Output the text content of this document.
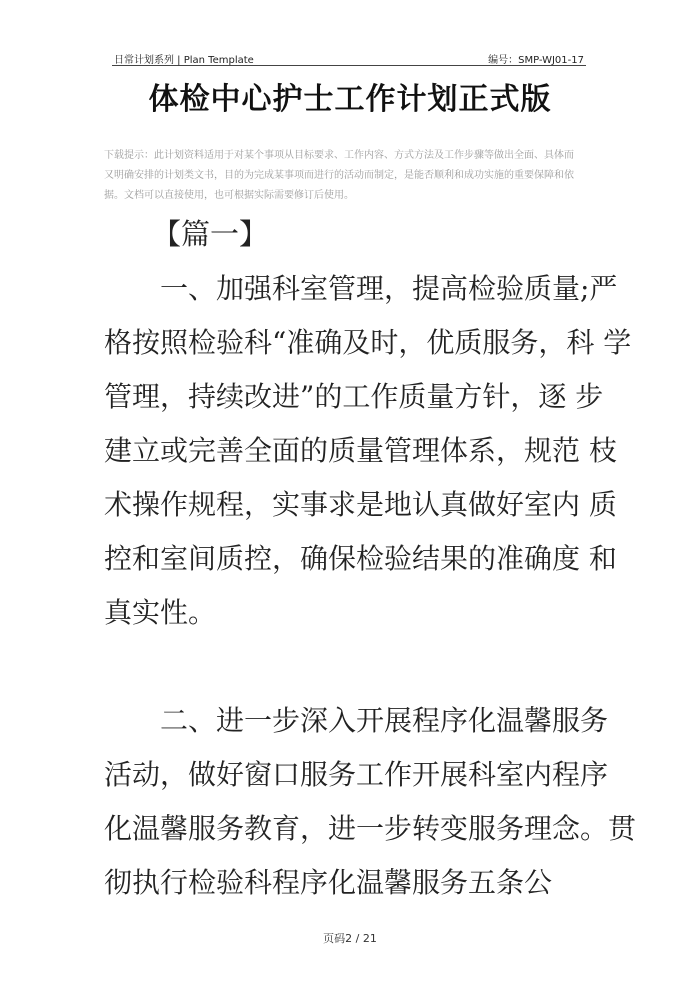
日常计划系列 | Plan Template	编号：SMP-WJ01-17
体检中心护士工作计划正式版
下载提示：此计划资料适用于对某个事项从目标要求、工作内容、方式方法及工作步骤等做出全面、具体而
又明确安排的计划类文书，目的为完成某事项而进行的活动而制定，是能否顺利和成功实施的重要保障和依
据。文档可以直接使用，也可根据实际需要修订后使用。
【篇一】
　　一、加强科室管理，提高检验质量;严
格按照检验科“准确及时，优质服务，科 学
管理，持续改进”的工作质量方针，逐 步
建立或完善全面的质量管理体系，规范 枝
术操作规程，实事求是地认真做好室内 质
控和室间质控，确保检验结果的准确度 和
真实性。
　　二、进一步深入开展程序化温馨服务
活动，做好窗口服务工作开展科室内程序
化温馨服务教育，进一步转变服务理念。贯
彻执行检验科程序化温馨服务五条公
页码2 / 21
